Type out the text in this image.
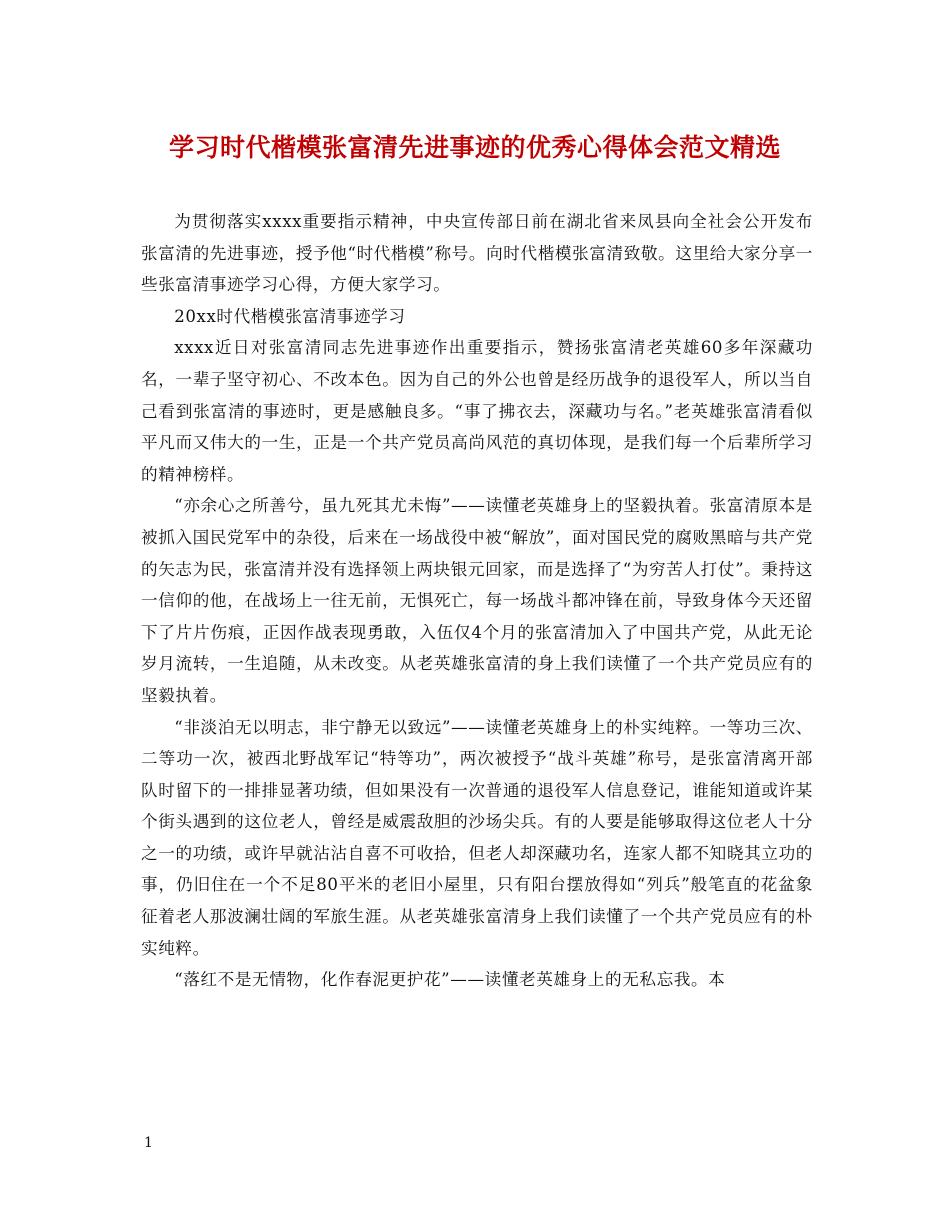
学习时代楷模张富清先进事迹的优秀心得体会范文精选

为贯彻落实xxxx重要指示精神，中央宣传部日前在湖北省来凤县向全社会公开发布张富清的先进事迹，授予他“时代楷模”称号。向时代楷模张富清致敬。这里给大家分享一些张富清事迹学习心得，方便大家学习。

20xx时代楷模张富清事迹学习

xxxx近日对张富清同志先进事迹作出重要指示，赞扬张富清老英雄60多年深藏功名，一辈子坚守初心、不改本色。因为自己的外公也曾是经历战争的退役军人，所以当自己看到张富清的事迹时，更是感触良多。“事了拂衣去，深藏功与名。”老英雄张富清看似平凡而又伟大的一生，正是一个共产党员高尚风范的真切体现，是我们每一个后辈所学习的精神榜样。

“亦余心之所善兮，虽九死其尤未悔”——读懂老英雄身上的坚毅执着。张富清原本是被抓入国民党军中的杂役，后来在一场战役中被“解放”，面对国民党的腐败黑暗与共产党的矢志为民，张富清并没有选择领上两块银元回家，而是选择了“为穷苦人打仗”。秉持这一信仰的他，在战场上一往无前，无惧死亡，每一场战斗都冲锋在前，导致身体今天还留下了片片伤痕，正因作战表现勇敢，入伍仅4个月的张富清加入了中国共产党，从此无论岁月流转，一生追随，从未改变。从老英雄张富清的身上我们读懂了一个共产党员应有的坚毅执着。

“非淡泊无以明志，非宁静无以致远”——读懂老英雄身上的朴实纯粹。一等功三次、二等功一次，被西北野战军记“特等功”，两次被授予“战斗英雄”称号，是张富清离开部队时留下的一排排显著功绩，但如果没有一次普通的退役军人信息登记，谁能知道或许某个街头遇到的这位老人，曾经是威震敌胆的沙场尖兵。有的人要是能够取得这位老人十分之一的功绩，或许早就沾沾自喜不可收拾，但老人却深藏功名，连家人都不知晓其立功的事，仍旧住在一个不足80平米的老旧小屋里，只有阳台摆放得如“列兵”般笔直的花盆象征着老人那波澜壮阔的军旅生涯。从老英雄张富清身上我们读懂了一个共产党员应有的朴实纯粹。

“落红不是无情物，化作春泥更护花”——读懂老英雄身上的无私忘我。本

1
